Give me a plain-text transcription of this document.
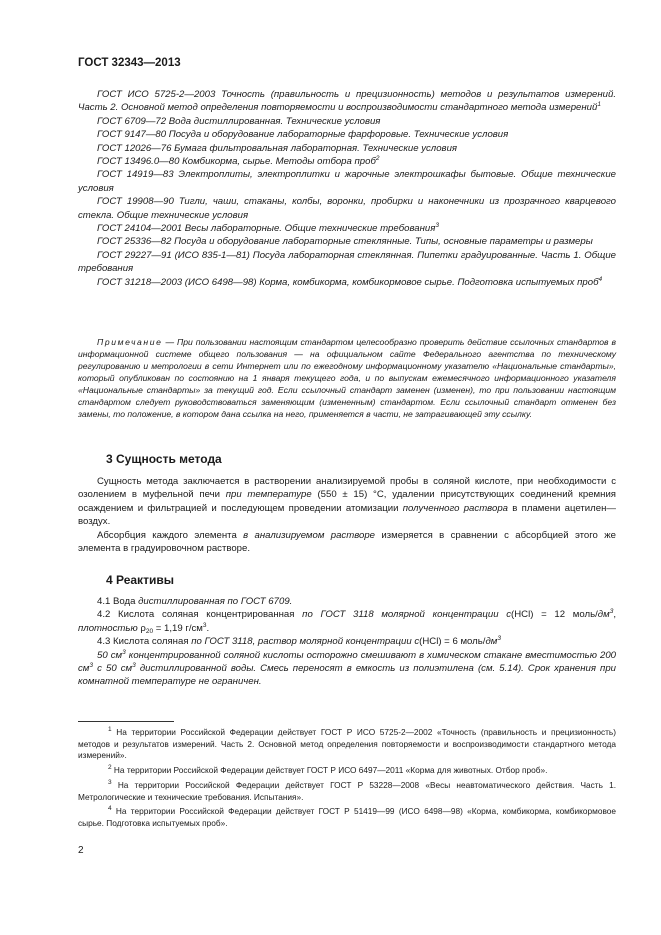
ГОСТ 32343—2013

ГОСТ ИСО 5725-2—2003 Точность (правильность и прецизионность) методов и результатов измерений. Часть 2. Основной метод определения повторяемости и воспроизводимости стандартного метода измерений$^1$

ГОСТ 6709—72 Вода дистиллированная. Технические условия

ГОСТ 9147—80 Посуда и оборудование лабораторные фарфоровые. Технические условия

ГОСТ 12026—76 Бумага фильтровальная лабораторная. Технические условия

ГОСТ 13496.0—80 Комбикорма, сырье. Методы отбора проб$^2$

ГОСТ 14919—83 Электроплиты, электроплитки и жарочные электрошкафы бытовые. Общие технические условия

ГОСТ 19908—90 Тигли, чаши, стаканы, колбы, воронки, пробирки и наконечники из прозрачного кварцевого стекла. Общие технические условия

ГОСТ 24104—2001 Весы лабораторные. Общие технические требования$^3$

ГОСТ 25336—82 Посуда и оборудование лабораторные стеклянные. Типы, основные параметры и размеры

ГОСТ 29227—91 (ИСО 835-1—81) Посуда лабораторная стеклянная. Пипетки градуированные. Часть 1. Общие требования

ГОСТ 31218—2003 (ИСО 6498—98) Корма, комбикорма, комбикормовое сырье. Подготовка испытуемых проб$^4$

Примечание — При пользовании настоящим стандартом целесообразно проверить действие ссылочных стандартов в информационной системе общего пользования — на официальном сайте Федерального агентства по техническому регулированию и метрологии в сети Интернет или по ежегодному информационному указателю «Национальные стандарты», который опубликован по состоянию на 1 января текущего года, и по выпускам ежемесячного информационного указателя «Национальные стандарты» за текущий год. Если ссылочный стандарт заменен (изменен), то при пользовании настоящим стандартом следует руководствоваться заменяющим (измененным) стандартом. Если ссылочный стандарт отменен без замены, то положение, в котором дана ссылка на него, применяется в части, не затрагивающей эту ссылку.
3 Сущность метода

Сущность метода заключается в растворении анализируемой пробы в соляной кислоте, при необходимости с озолением в муфельной печи при температуре (550 ± 15) °С, удалении присутствующих соединений кремния осаждением и фильтрацией и последующем проведении атомизации полученного раствора в пламени ацетилен—воздух.

Абсорбция каждого элемента в анализируемом растворе измеряется в сравнении с абсорбцией этого же элемента в градуировочном растворе.

4 Реактивы

4.1 Вода дистиллированная по ГОСТ 6709.

4.2 Кислота соляная концентрированная по ГОСТ 3118 молярной концентрации c(HCl) = 12 моль/$дм^3$, плотностью $\rho_{20} = 1,19$ $г/см^3$.

4.3 Кислота соляная по ГОСТ 3118, раствор молярной концентрации c(HCl) = 6 моль/$дм^3$

50 $см^3$ концентрированной соляной кислоты осторожно смешивают в химическом стакане вместимостью 200 $см^3$ с 50 $см^3$ дистиллированной воды. Смесь переносят в емкость из полиэтилена (см. 5.14). Срок хранения при комнатной температуре не ограничен.

$^1$ На территории Российской Федерации действует ГОСТ Р ИСО 5725-2—2002 «Точность (правильность и прецизионность) методов и результатов измерений. Часть 2. Основной метод определения повторяемости и воспроизводимости стандартного метода измерений».

$^2$ На территории Российской Федерации действует ГОСТ Р ИСО 6497—2011 «Корма для животных. Отбор проб».

$^3$ На территории Российской Федерации действует ГОСТ Р 53228—2008 «Весы неавтоматического действия. Часть 1. Метрологические и технические требования. Испытания».

$^4$ На территории Российской Федерации действует ГОСТ Р 51419—99 (ИСО 6498—98) «Корма, комбикорма, комбикормовое сырье. Подготовка испытуемых проб».

2
